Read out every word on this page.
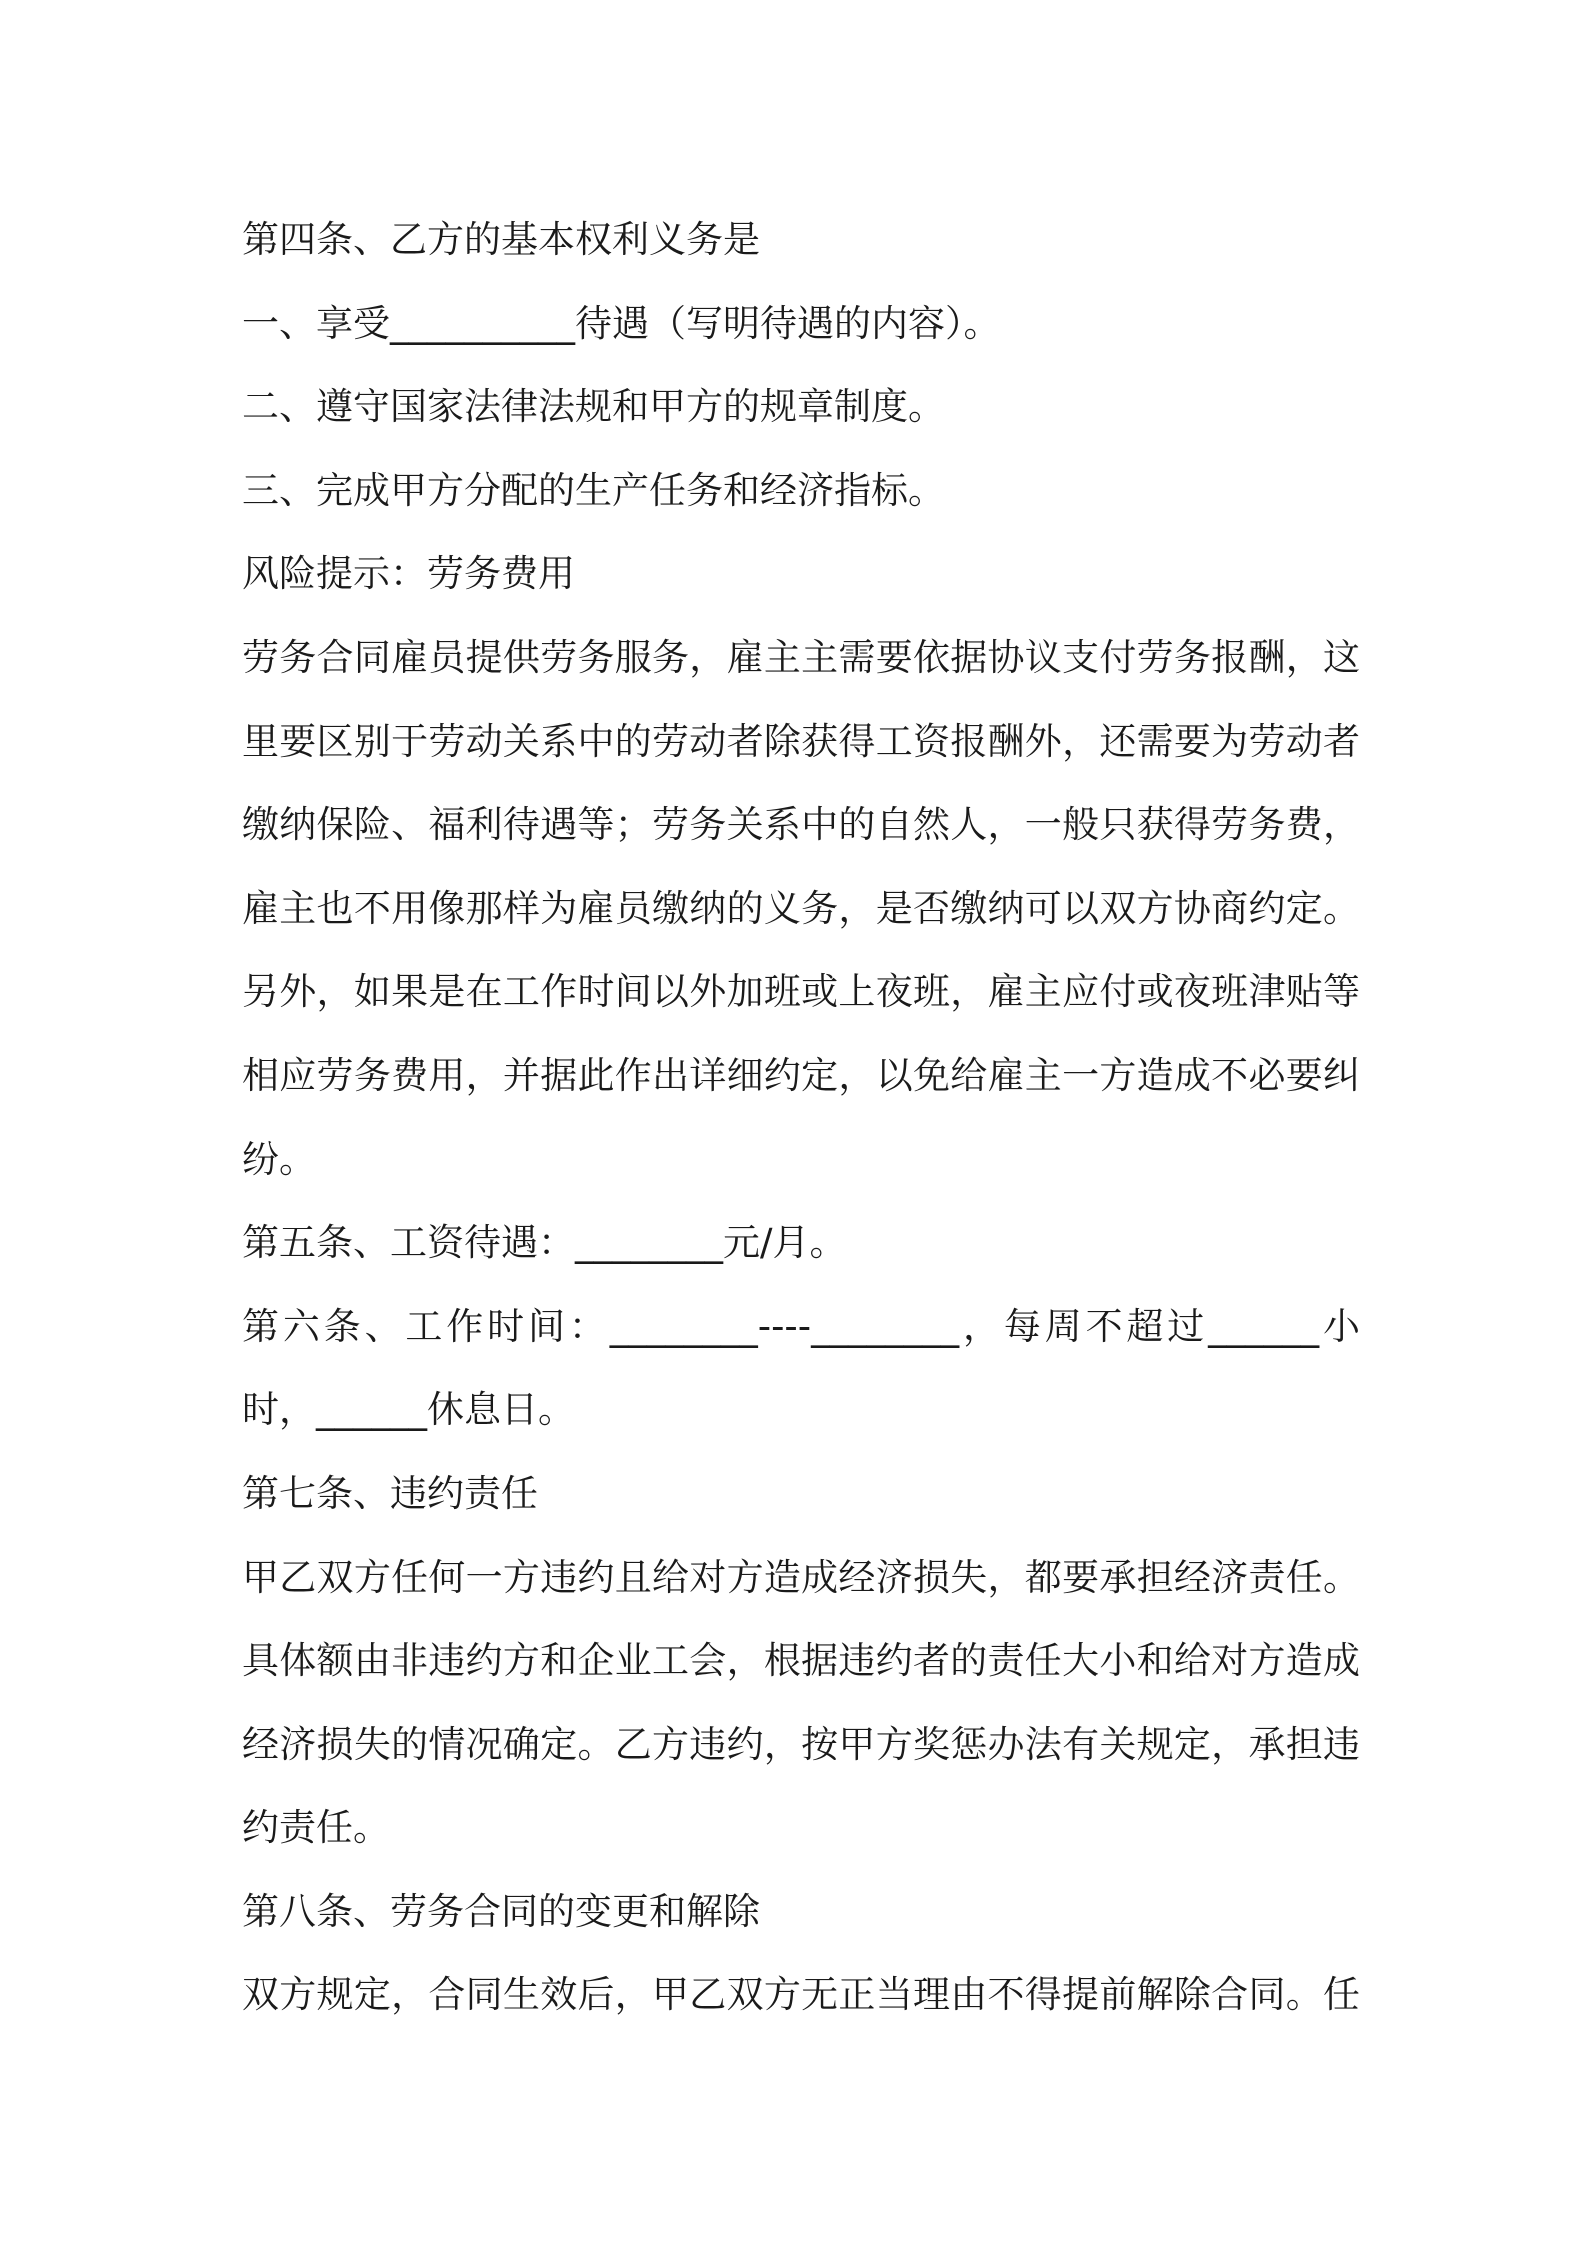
第四条、乙方的基本权利义务是
一、享受__________待遇（写明待遇的内容）。
二、遵守国家法律法规和甲方的规章制度。
三、完成甲方分配的生产任务和经济指标。
风险提示：劳务费用
劳务合同雇员提供劳务服务，雇主主需要依据协议支付劳务报酬，这
里要区别于劳动关系中的劳动者除获得工资报酬外，还需要为劳动者
缴纳保险、福利待遇等；劳务关系中的自然人，一般只获得劳务费，
雇主也不用像那样为雇员缴纳的义务，是否缴纳可以双方协商约定。
另外，如果是在工作时间以外加班或上夜班，雇主应付或夜班津贴等
相应劳务费用，并据此作出详细约定，以免给雇主一方造成不必要纠
纷。
第五条、工资待遇：________元/月。
第六条、工作时间：________----________，每周不超过______小
时，______休息日。
第七条、违约责任
甲乙双方任何一方违约且给对方造成经济损失，都要承担经济责任。
具体额由非违约方和企业工会，根据违约者的责任大小和给对方造成
经济损失的情况确定。乙方违约，按甲方奖惩办法有关规定，承担违
约责任。
第八条、劳务合同的变更和解除
双方规定，合同生效后，甲乙双方无正当理由不得提前解除合同。任
